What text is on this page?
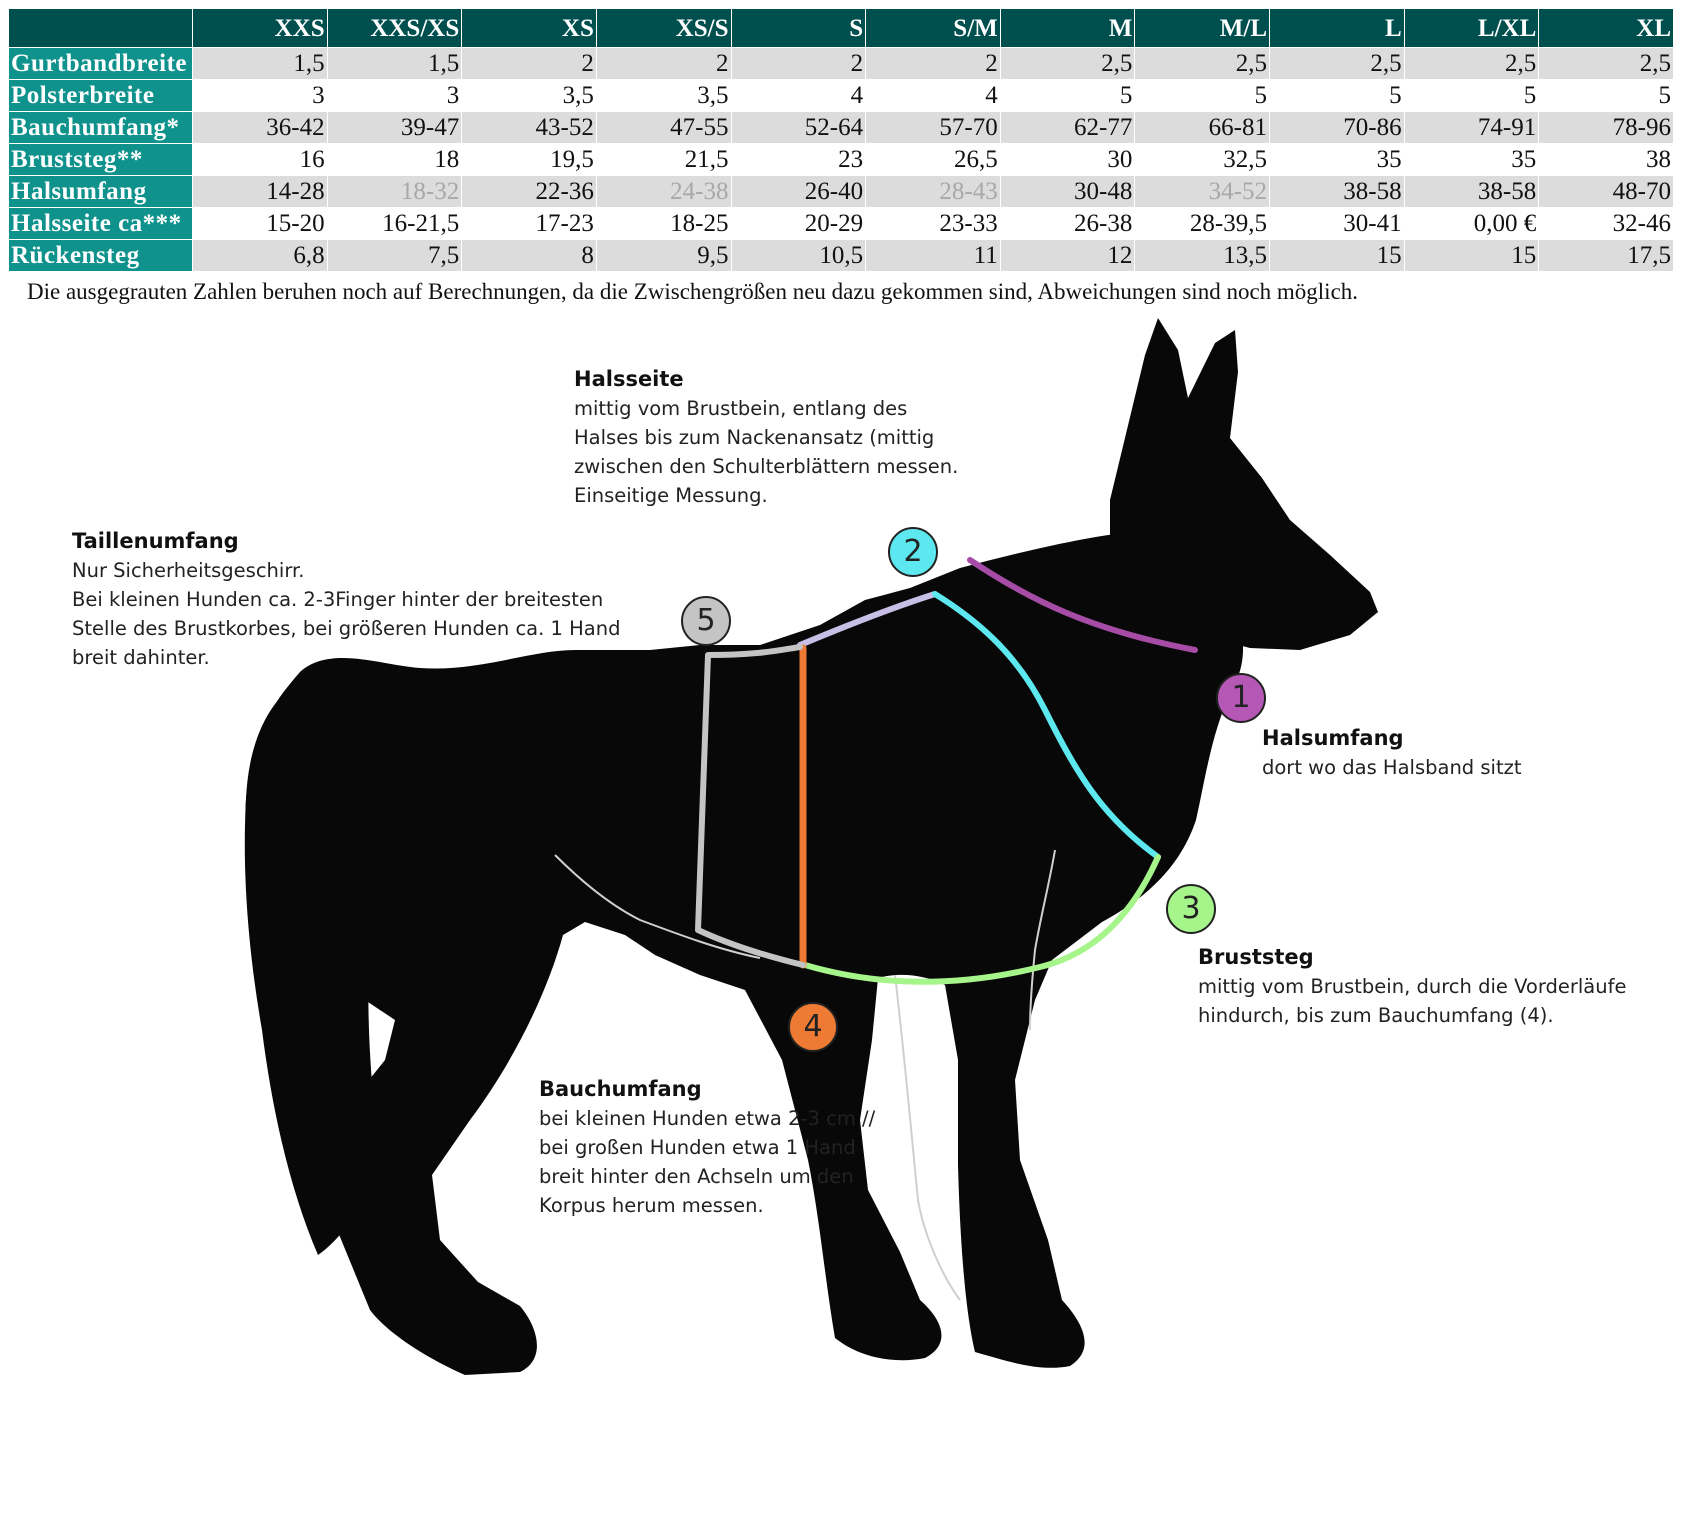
	XXS	XXS/XS	XS	XS/S	S	S/M	M	M/L	L	L/XL	XL
Gurtbandbreite	1,5	1,5	2	2	2	2	2,5	2,5	2,5	2,5	2,5
Polsterbreite	3	3	3,5	3,5	4	4	5	5	5	5	5
Bauchumfang*	36-42	39-47	43-52	47-55	52-64	57-70	62-77	66-81	70-86	74-91	78-96
Bruststeg**	16	18	19,5	21,5	23	26,5	30	32,5	35	35	38
Halsumfang	14-28	18-32	22-36	24-38	26-40	28-43	30-48	34-52	38-58	38-58	48-70
Halsseite ca***	15-20	16-21,5	17-23	18-25	20-29	23-33	26-38	28-39,5	30-41	0,00 €	32-46
Rückensteg	6,8	7,5	8	9,5	10,5	11	12	13,5	15	15	17,5
Die ausgegrauten Zahlen beruhen noch auf Berechnungen, da die Zwischengrößen neu dazu gekommen sind, Abweichungen sind noch möglich.
1
2
3
4
5
Halsseite
mittig vom Brustbein, entlang des
Halses bis zum Nackenansatz (mittig
zwischen den Schulterblättern messen.
Einseitige Messung.
Taillenumfang
Nur Sicherheitsgeschirr.
Bei kleinen Hunden ca. 2-3Finger hinter der breitesten
Stelle des Brustkorbes, bei größeren Hunden ca. 1 Hand
breit dahinter.
Halsumfang
dort wo das Halsband sitzt
Bruststeg
mittig vom Brustbein, durch die Vorderläufe
hindurch, bis zum Bauchumfang (4).
Bauchumfang
bei kleinen Hunden etwa 2-3 cm //
bei großen Hunden etwa 1 Hand
breit hinter den Achseln um den
Korpus herum messen.
